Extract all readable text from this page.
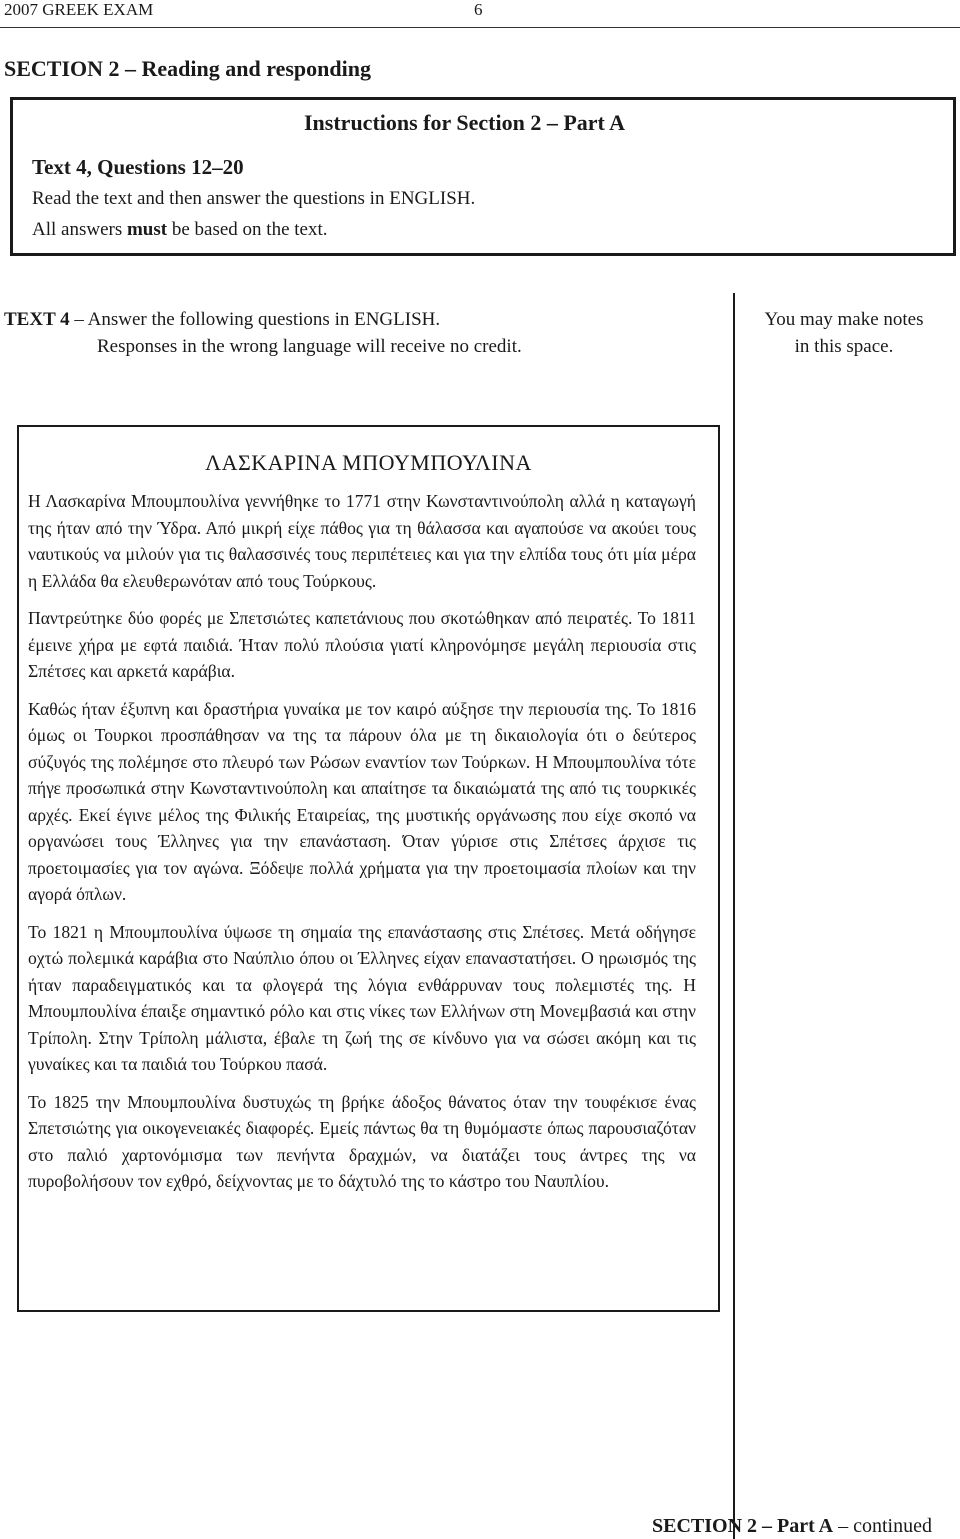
2007 GREEK EXAM	6
SECTION 2 – Reading and responding
Instructions for Section 2 – Part A
Text 4, Questions 12–20
Read the text and then answer the questions in ENGLISH.
All answers must be based on the text.
TEXT 4 – Answer the following questions in ENGLISH.
Responses in the wrong language will receive no credit.
You may make notes
in this space.
ΛΑΣΚΑΡΙΝΑ ΜΠΟΥΜΠΟΥΛΙΝΑ

Η Λασκαρίνα Μπουμπουλίνα γεννήθηκε το 1771 στην Κωνσταντινούπολη αλλά η καταγωγή της ήταν από την Ύδρα. Από μικρή είχε πάθος για τη θάλασσα και αγαπούσε να ακούει τους ναυτικούς να μιλούν για τις θαλασσινές τους περιπέτειες και για την ελπίδα τους ότι μία μέρα η Ελλάδα θα ελευθερωνόταν από τους Τούρκους.

Παντρεύτηκε δύο φορές με Σπετσιώτες καπετάνιους που σκοτώθηκαν από πειρατές. Το 1811 έμεινε χήρα με εφτά παιδιά. Ήταν πολύ πλούσια γιατί κληρονόμησε μεγάλη περιουσία στις Σπέτσες και αρκετά καράβια.

Καθώς ήταν έξυπνη και δραστήρια γυναίκα με τον καιρό αύξησε την περιουσία της. Το 1816 όμως οι Τουρκοι προσπάθησαν να της τα πάρουν όλα με τη δικαιολογία ότι ο δεύτερος σύζυγός της πολέμησε στο πλευρό των Ρώσων εναντίον των Τούρκων. Η Μπουμπουλίνα τότε πήγε προσωπικά στην Κωνσταντινούπολη και απαίτησε τα δικαιώματά της από τις τουρκικές αρχές. Εκεί έγινε μέλος της Φιλικής Εταιρείας, της μυστικής οργάνωσης που είχε σκοπό να οργανώσει τους Έλληνες για την επανάσταση. Όταν γύρισε στις Σπέτσες άρχισε τις προετοιμασίες για τον αγώνα. Ξόδεψε πολλά χρήματα για την προετοιμασία πλοίων και την αγορά όπλων.

Το 1821 η Μπουμπουλίνα ύψωσε τη σημαία της επανάστασης στις Σπέτσες. Μετά οδήγησε οχτώ πολεμικά καράβια στο Ναύπλιο όπου οι Έλληνες είχαν επαναστατήσει. Ο ηρωισμός της ήταν παραδειγματικός και τα φλογερά της λόγια ενθάρρυναν τους πολεμιστές της. Η Μπουμπουλίνα έπαιξε σημαντικό ρόλο και στις νίκες των Ελλήνων στη Μονεμβασιά και στην Τρίπολη. Στην Τρίπολη μάλιστα, έβαλε τη ζωή της σε κίνδυνο για να σώσει ακόμη και τις γυναίκες και τα παιδιά του Τούρκου πασά.

Το 1825 την Μπουμπουλίνα δυστυχώς τη βρήκε άδοξος θάνατος όταν την τουφέκισε ένας Σπετσιώτης για οικογενειακές διαφορές. Εμείς πάντως θα τη θυμόμαστε όπως παρουσιαζόταν στο παλιό χαρτονόμισμα των πενήντα δραχμών, να διατάζει τους άντρες της να πυροβολήσουν τον εχθρό, δείχνοντας με το δάχτυλό της το κάστρο του Ναυπλίου.

SECTION 2 – Part A – continued
